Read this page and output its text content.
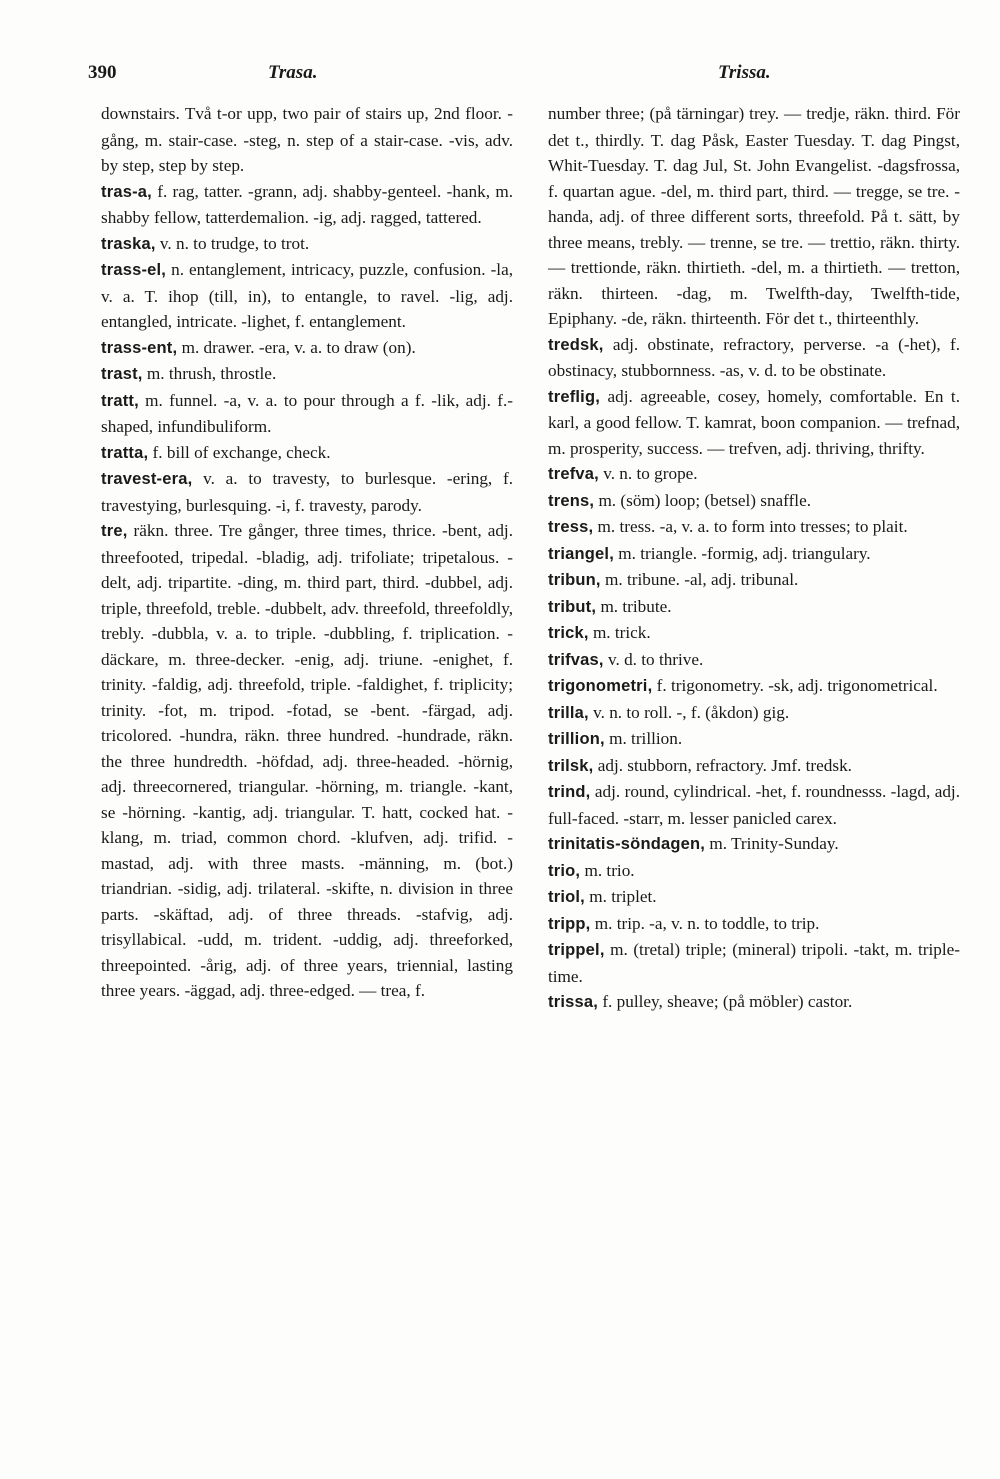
390	Trasa.	Trissa.

downstairs. Två t-or upp, two pair of stairs up, 2nd floor. -gång, m. stair-case. -steg, n. step of a stair-case. -vis, adv. by step, step by step.

tras-a, f. rag, tatter. -grann, adj. shabby-genteel. -hank, m. shabby fellow, tatterdemalion. -ig, adj. ragged, tattered.

traska, v. n. to trudge, to trot.

trass-el, n. entanglement, intricacy, puzzle, confusion. -la, v. a. T. ihop (till, in), to entangle, to ravel. -lig, adj. entangled, intricate. -lighet, f. entanglement.

trass-ent, m. drawer. -era, v. a. to draw (on).

trast, m. thrush, throstle.

tratt, m. funnel. -a, v. a. to pour through a f. -lik, adj. f.-shaped, infundibuliform.

tratta, f. bill of exchange, check.

travest-era, v. a. to travesty, to burlesque. -ering, f. travestying, burlesquing. -i, f. travesty, parody.

tre, räkn. three. Tre gånger, three times, thrice. -bent, adj. threefooted, tripedal. -bladig, adj. trifoliate; tripetalous. -delt, adj. tripartite. -ding, m. third part, third. -dubbel, adj. triple, threefold, treble. -dubbelt, adv. threefold, threefoldly, trebly. -dubbla, v. a. to triple. -dubbling, f. triplication. -däckare, m. three-decker. -enig, adj. triune. -enighet, f. trinity. -faldig, adj. threefold, triple. -faldighet, f. triplicity; trinity. -fot, m. tripod. -fotad, se -bent. -färgad, adj. tricolored. -hundra, räkn. three hundred. -hundrade, räkn. the three hundredth. -höfdad, adj. three-headed. -hörnig, adj. threecornered, triangular. -hörning, m. triangle. -kant, se -hörning. -kantig, adj. triangular. T. hatt, cocked hat. -klang, m. triad, common chord. -klufven, adj. trifid. -mastad, adj. with three masts. -männing, m. (bot.) triandrian. -sidig, adj. trilateral. -skifte, n. division in three parts. -skäftad, adj. of three threads. -stafvig, adj. trisyllabical. -udd, m. trident. -uddig, adj. threeforked, threepointed. -årig, adj. of three years, triennial, lasting three years. -äggad, adj. three-edged. — trea, f.

number three; (på tärningar) trey. — tredje, räkn. third. För det t., thirdly. T. dag Påsk, Easter Tuesday. T. dag Pingst, Whit-Tuesday. T. dag Jul, St. John Evangelist. -dagsfrossa, f. quartan ague. -del, m. third part, third. — tregge, se tre. -handa, adj. of three different sorts, threefold. På t. sätt, by three means, trebly. — trenne, se tre. — trettio, räkn. thirty. — trettionde, räkn. thirtieth. -del, m. a thirtieth. — tretton, räkn. thirteen. -dag, m. Twelfth-day, Twelfth-tide, Epiphany. -de, räkn. thirteenth. För det t., thirteenthly.

tredsk, adj. obstinate, refractory, perverse. -a (-het), f. obstinacy, stubbornness. -as, v. d. to be obstinate.

treflig, adj. agreeable, cosey, homely, comfortable. En t. karl, a good fellow. T. kamrat, boon companion. — trefnad, m. prosperity, success. — trefven, adj. thriving, thrifty.

trefva, v. n. to grope.

trens, m. (söm) loop; (betsel) snaffle.

tress, m. tress. -a, v. a. to form into tresses; to plait.

triangel, m. triangle. -formig, adj. triangulary.

tribun, m. tribune. -al, adj. tribunal.

tribut, m. tribute.

trick, m. trick.

trifvas, v. d. to thrive.

trigonometri, f. trigonometry. -sk, adj. trigonometrical.

trilla, v. n. to roll. -, f. (åkdon) gig.

trillion, m. trillion.

trilsk, adj. stubborn, refractory. Jmf. tredsk.

trind, adj. round, cylindrical. -het, f. roundnesss. -lagd, adj. full-faced. -starr, m. lesser panicled carex.

trinitatis-söndagen, m. Trinity-Sunday.

trio, m. trio.

triol, m. triplet.

tripp, m. trip. -a, v. n. to toddle, to trip.

trippel, m. (tretal) triple; (mineral) tripoli. -takt, m. triple-time.

trissa, f. pulley, sheave; (på möbler) castor.
